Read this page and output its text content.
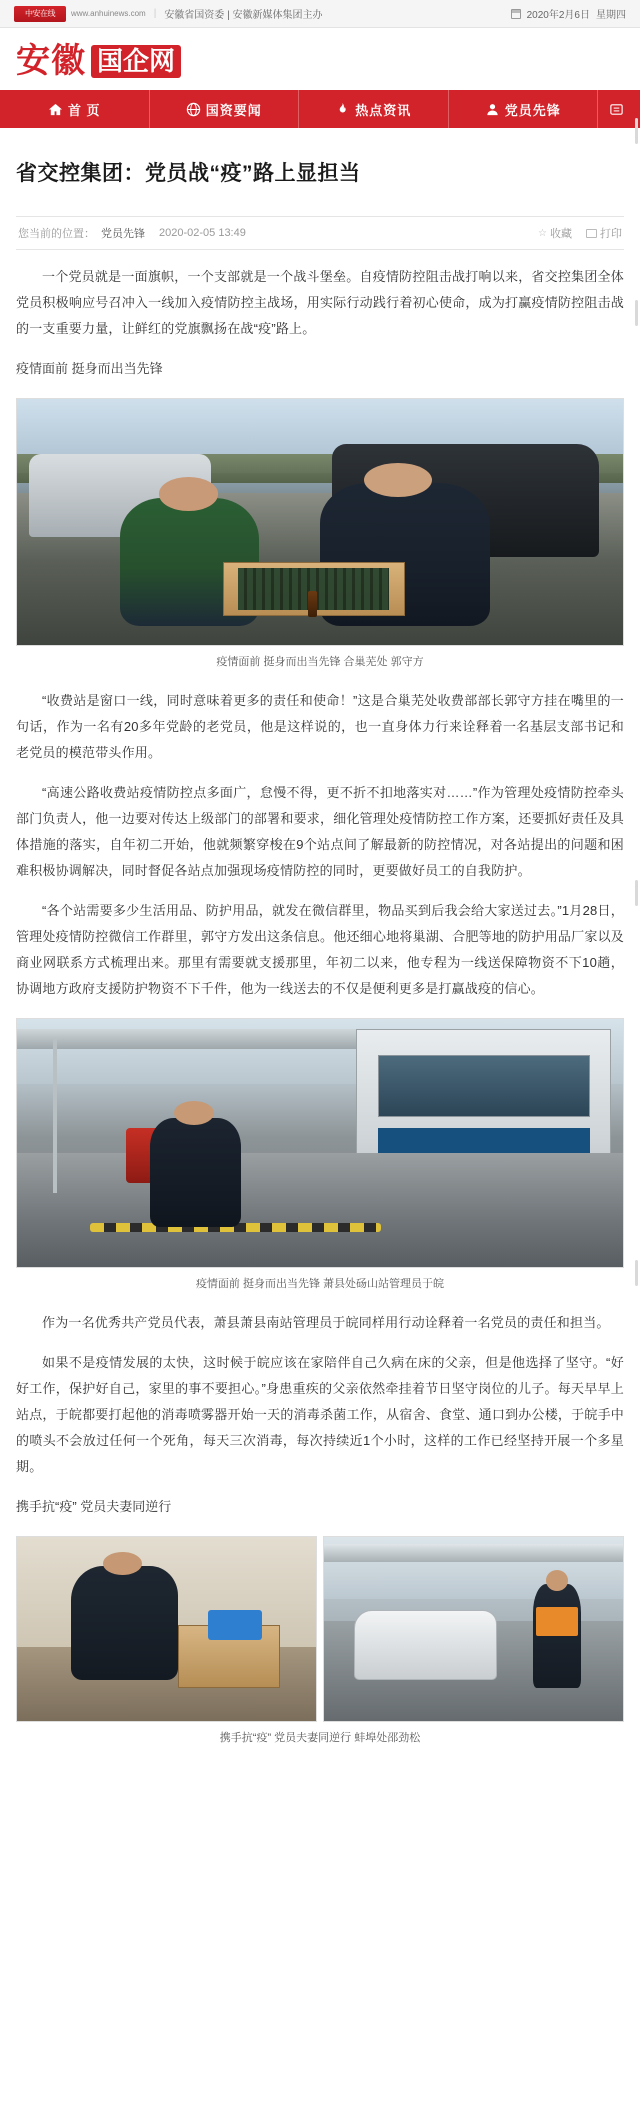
中安在线	www.anhuinews.com | 安徽省国资委 | 安徽新媒体集团主办	2020年2月6日 星期四
安徽 国企网
首 页	国资要闻	热点资讯	党员先锋
省交控集团：党员战“疫”路上显担当
您当前的位置： 党员先锋 2020-02-05 13:49	☆ 收藏	打印

一个党员就是一面旗帜，一个支部就是一个战斗堡垒。自疫情防控阻击战打响以来，省交控集团全体党员积极响应号召冲入一线加入疫情防控主战场，用实际行动践行着初心使命，成为打赢疫情防控阻击战的一支重要力量，让鲜红的党旗飘扬在战“疫”路上。

疫情面前 挺身而出当先锋

疫情面前 挺身而出当先锋 合巢芜处 郭守方

“收费站是窗口一线，同时意味着更多的责任和使命！”这是合巢芜处收费部部长郭守方挂在嘴里的一句话，作为一名有20多年党龄的老党员，他是这样说的，也一直身体力行来诠释着一名基层支部书记和老党员的模范带头作用。

“高速公路收费站疫情防控点多面广，怠慢不得，更不折不扣地落实对……”作为管理处疫情防控牵头部门负责人，他一边要对传达上级部门的部署和要求，细化管理处疫情防控工作方案，还要抓好责任及具体措施的落实，自年初二开始，他就频繁穿梭在9个站点间了解最新的防控情况，对各站提出的问题和困难积极协调解决，同时督促各站点加强现场疫情防控的同时，更要做好员工的自我防护。

“各个站需要多少生活用品、防护用品，就发在微信群里，物品买到后我会给大家送过去。”1月28日，管理处疫情防控微信工作群里，郭守方发出这条信息。他还细心地将巢湖、合肥等地的防护用品厂家以及商业网联系方式梳理出来。那里有需要就支援那里，年初二以来，他专程为一线送保障物资不下10趟，协调地方政府支援防护物资不下千件，他为一线送去的不仅是便利更多是打赢战疫的信心。

疫情面前 挺身而出当先锋 萧县处砀山站管理员于皖

作为一名优秀共产党员代表，萧县萧县南站管理员于皖同样用行动诠释着一名党员的责任和担当。

如果不是疫情发展的太快，这时候于皖应该在家陪伴自己久病在床的父亲，但是他选择了坚守。“好好工作，保护好自己，家里的事不要担心。”身患重疾的父亲依然牵挂着节日坚守岗位的儿子。每天早早上站点，于皖都要打起他的消毒喷雾器开始一天的消毒杀菌工作，从宿舍、食堂、通口到办公楼，于皖手中的喷头不会放过任何一个死角，每天三次消毒，每次持续近1个小时，这样的工作已经坚持开展一个多星期。

携手抗“疫” 党员夫妻同逆行

携手抗“疫” 党员夫妻同逆行 蚌埠处邵劲松
